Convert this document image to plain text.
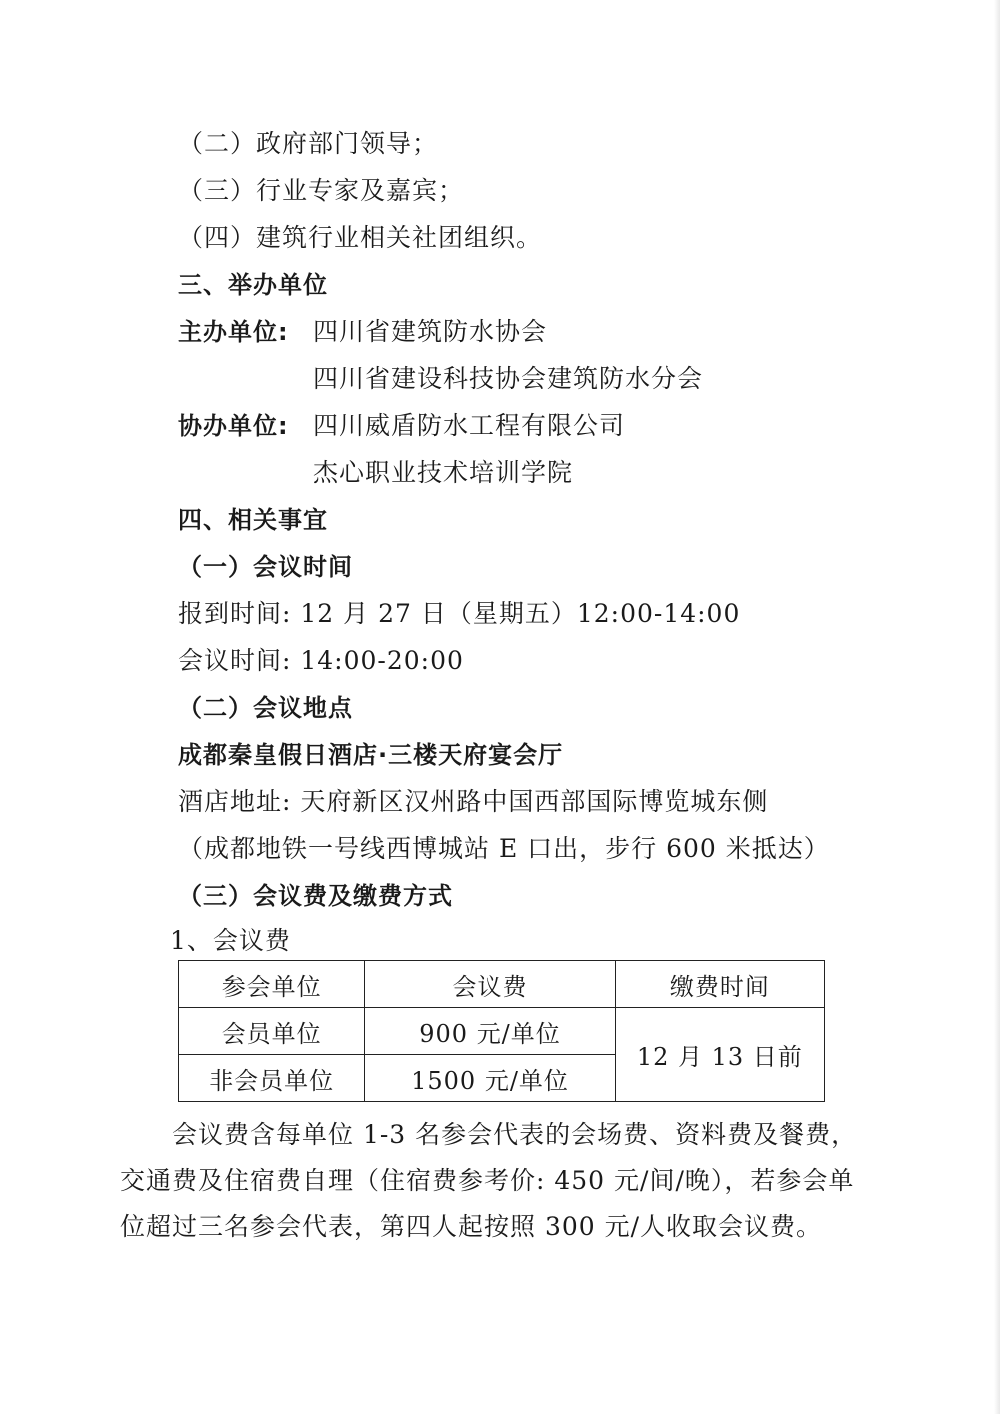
（二）政府部门领导；
（三）行业专家及嘉宾；
（四）建筑行业相关社团组织。
三、举办单位
主办单位: 四川省建筑防水协会
四川省建设科技协会建筑防水分会
协办单位: 四川威盾防水工程有限公司
杰心职业技术培训学院
四、相关事宜
（一）会议时间
报到时间: 12 月 27 日（星期五）12:00-14:00
会议时间: 14:00-20:00
（二）会议地点
成都秦皇假日酒店·三楼天府宴会厅
酒店地址: 天府新区汉州路中国西部国际博览城东侧
（成都地铁一号线西博城站 E 口出，步行 600 米抵达）
（三）会议费及缴费方式
1、会议费
参会单位	会议费	缴费时间
会员单位	900 元/单位	12 月 13 日前
非会员单位	1500 元/单位	
会议费含每单位 1-3 名参会代表的会场费、资料费及餐费，交通费及住宿费自理（住宿费参考价: 450 元/间/晚），若参会单位超过三名参会代表，第四人起按照 300 元/人收取会议费。
